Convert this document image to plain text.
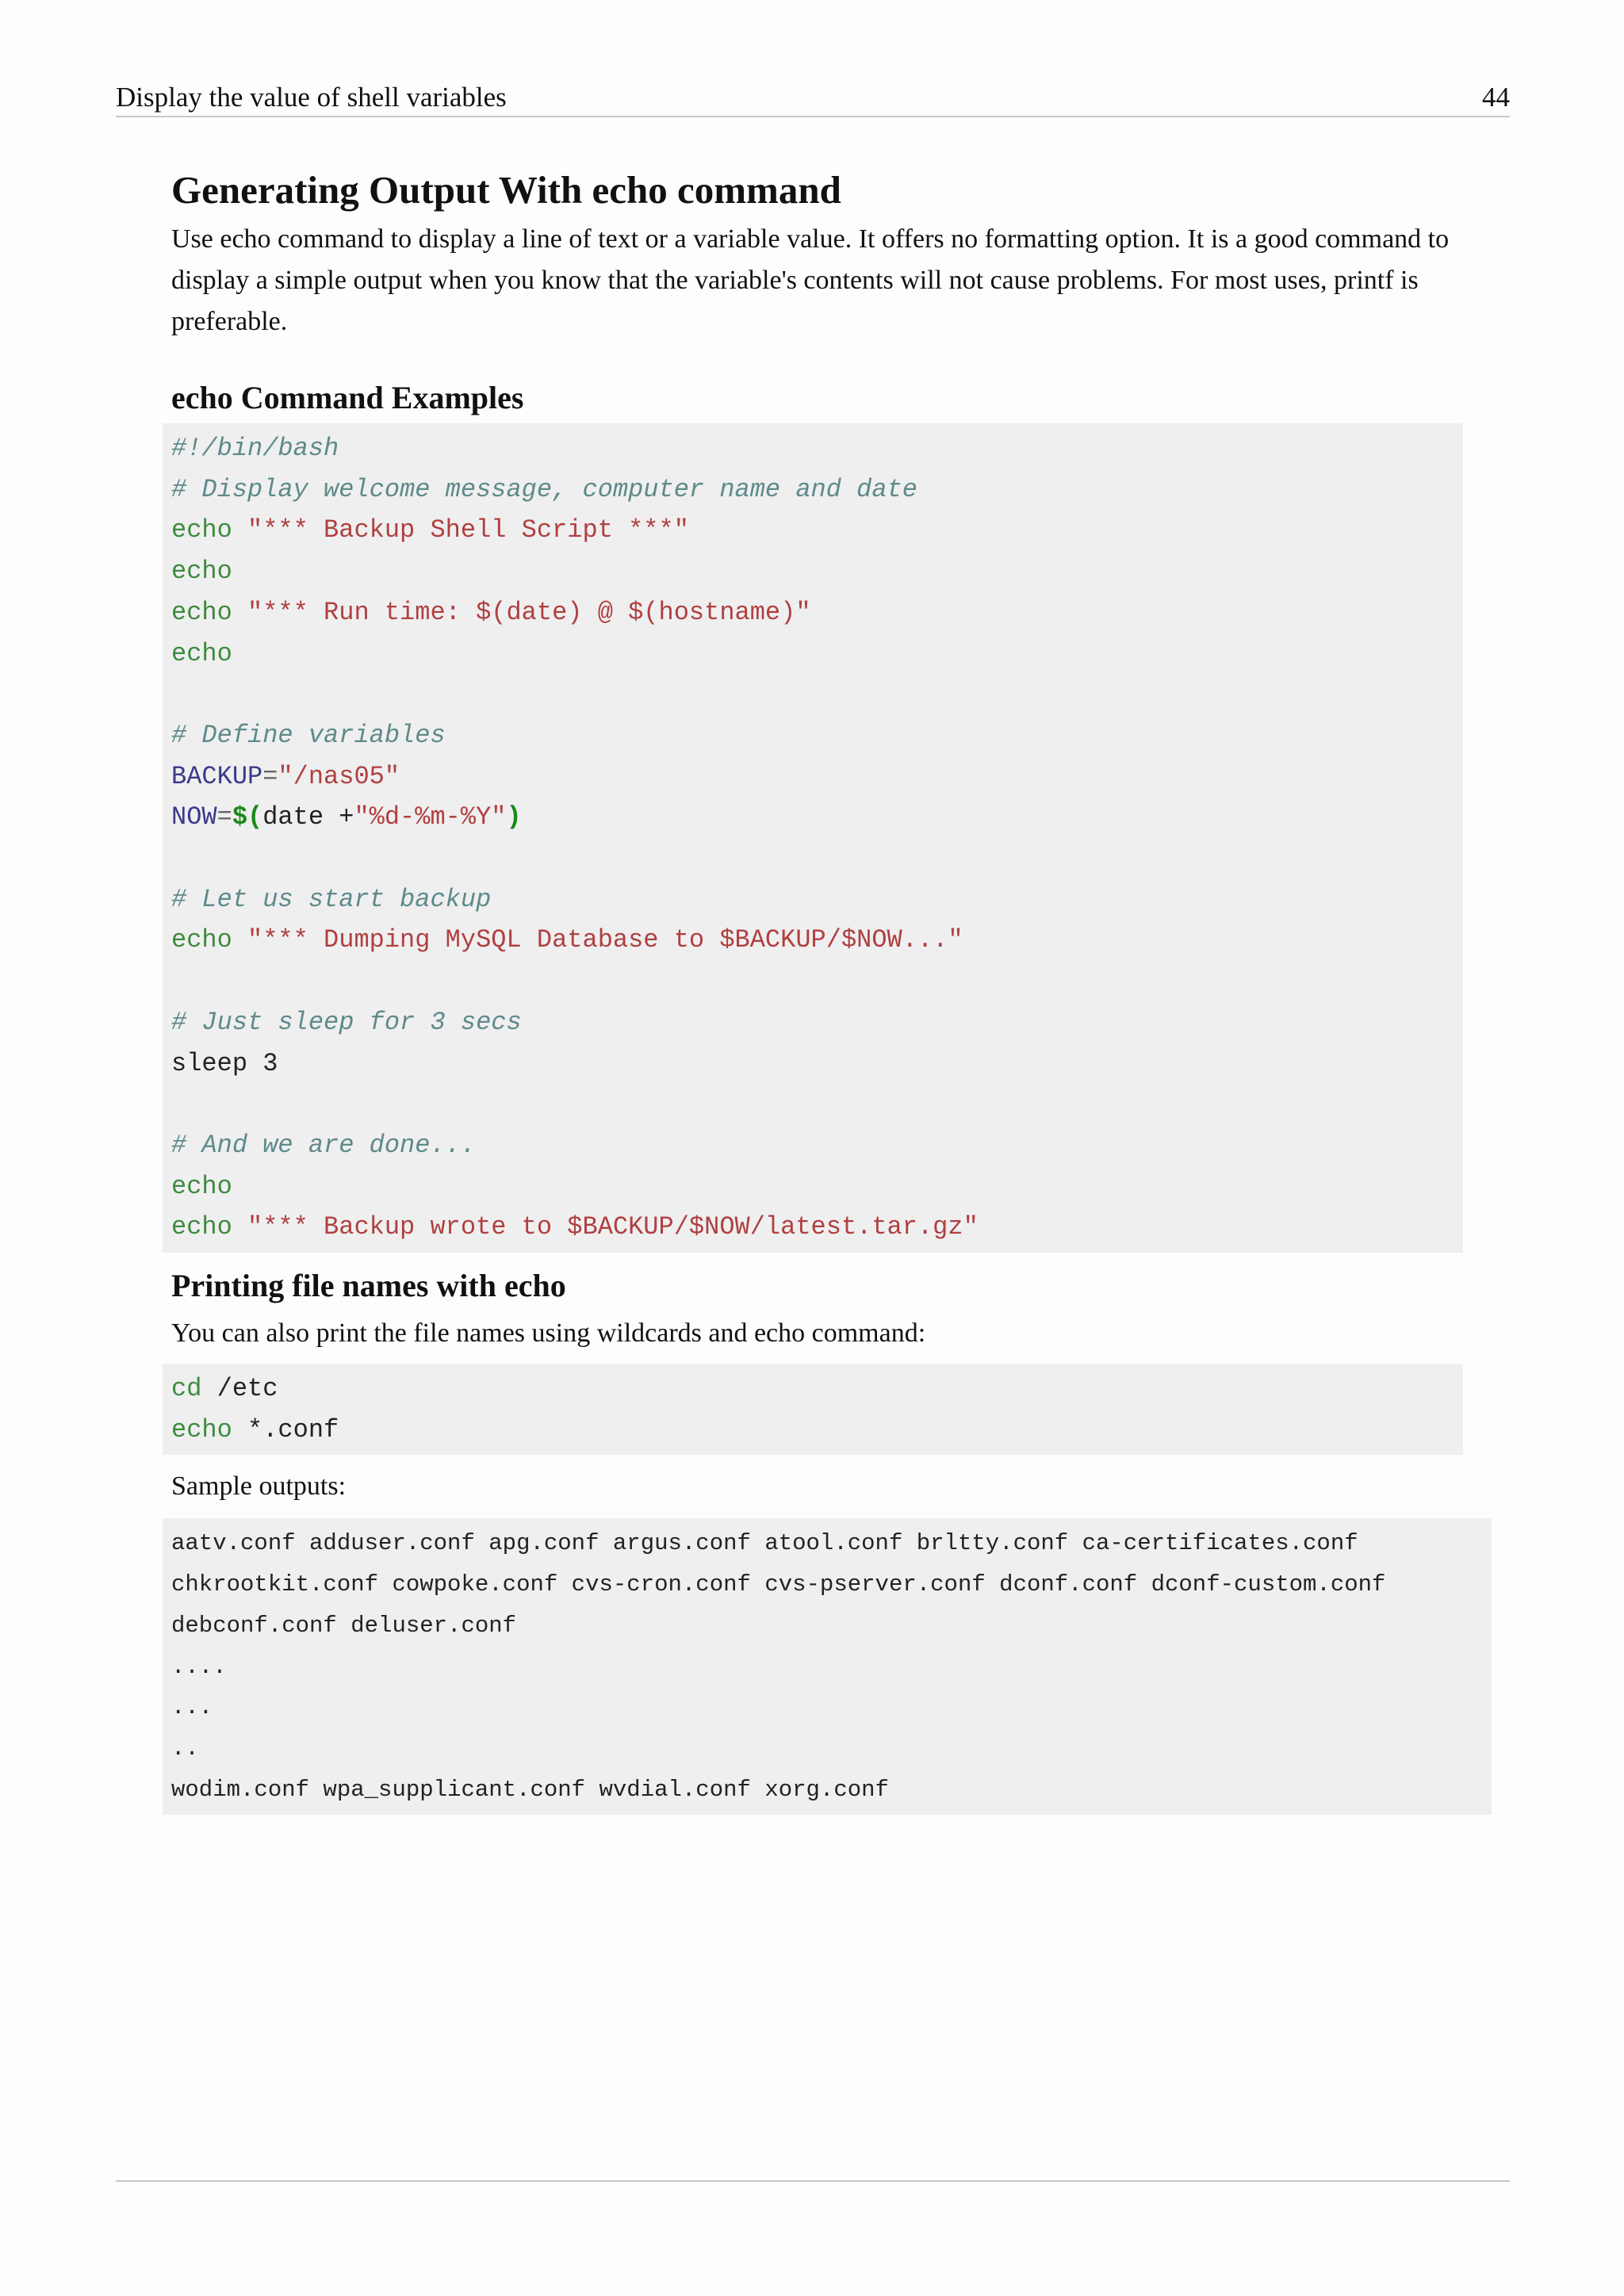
Display the value of shell variables	44
Generating Output With echo command

Use echo command to display a line of text or a variable value. It offers no formatting option. It is a good command to display a simple output when you know that the variable's contents will not cause problems. For most uses, printf is preferable.

echo Command Examples
#!/bin/bash
# Display welcome message, computer name and date
echo "*** Backup Shell Script ***"
echo
echo "*** Run time: $(date) @ $(hostname)"
echo

# Define variables
BACKUP="/nas05"
NOW=$(date +"%d-%m-%Y")

# Let us start backup
echo "*** Dumping MySQL Database to $BACKUP/$NOW..."

# Just sleep for 3 secs
sleep 3

# And we are done...
echo
echo "*** Backup wrote to $BACKUP/$NOW/latest.tar.gz"
Printing file names with echo

You can also print the file names using wildcards and echo command:

cd /etc
echo *.conf

Sample outputs:

aatv.conf adduser.conf apg.conf argus.conf atool.conf brltty.conf ca-certificates.conf
chkrootkit.conf cowpoke.conf cvs-cron.conf cvs-pserver.conf dconf.conf dconf-custom.conf
debconf.conf deluser.conf
....
...
..
wodim.conf wpa_supplicant.conf wvdial.conf xorg.conf
